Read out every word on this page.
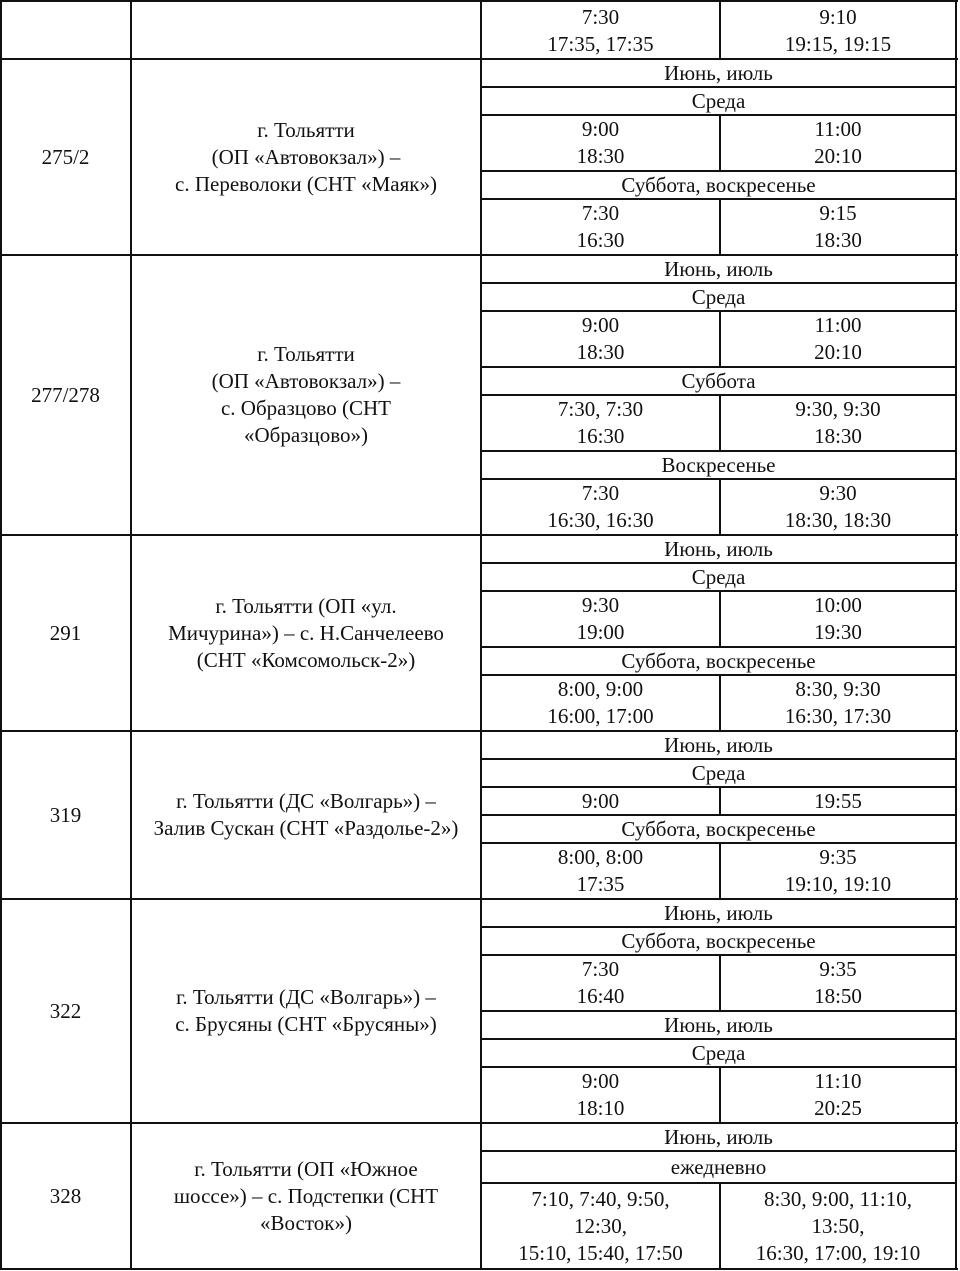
7:30
17:35, 17:35
9:10
19:15, 19:15
275/2
г. Тольятти
(ОП «Автовокзал») –
с. Переволоки (СНТ «Маяк»)
Июнь, июль
Среда
9:00
18:30
11:00
20:10
Суббота, воскресенье
7:30
16:30
9:15
18:30
277/278
г. Тольятти
(ОП «Автовокзал») –
с. Образцово (СНТ
«Образцово»)
Июнь, июль
Среда
9:00
18:30
11:00
20:10
Суббота
7:30, 7:30
16:30
9:30, 9:30
18:30
Воскресенье
7:30
16:30, 16:30
9:30
18:30, 18:30
291
г. Тольятти (ОП «ул.
Мичурина») – с. Н.Санчелеево
(СНТ «Комсомольск-2»)
Июнь, июль
Среда
9:30
19:00
10:00
19:30
Суббота, воскресенье
8:00, 9:00
16:00, 17:00
8:30, 9:30
16:30, 17:30
319
г. Тольятти (ДС «Волгарь») –
Залив Сускан (СНТ «Раздолье-2»)
Июнь, июль
Среда
9:00	19:55
Суббота, воскресенье
8:00, 8:00
17:35
9:35
19:10, 19:10
322
г. Тольятти (ДС «Волгарь») –
с. Брусяны (СНТ «Брусяны»)
Июнь, июль
Суббота, воскресенье
7:30
16:40
9:35
18:50
Июнь, июль
Среда
9:00
18:10
11:10
20:25
328
г. Тольятти (ОП «Южное
шоссе») – с. Подстепки (СНТ
«Восток»)
Июнь, июль
ежедневно
7:10, 7:40, 9:50,
12:30,
15:10, 15:40, 17:50
8:30, 9:00, 11:10,
13:50,
16:30, 17:00, 19:10
